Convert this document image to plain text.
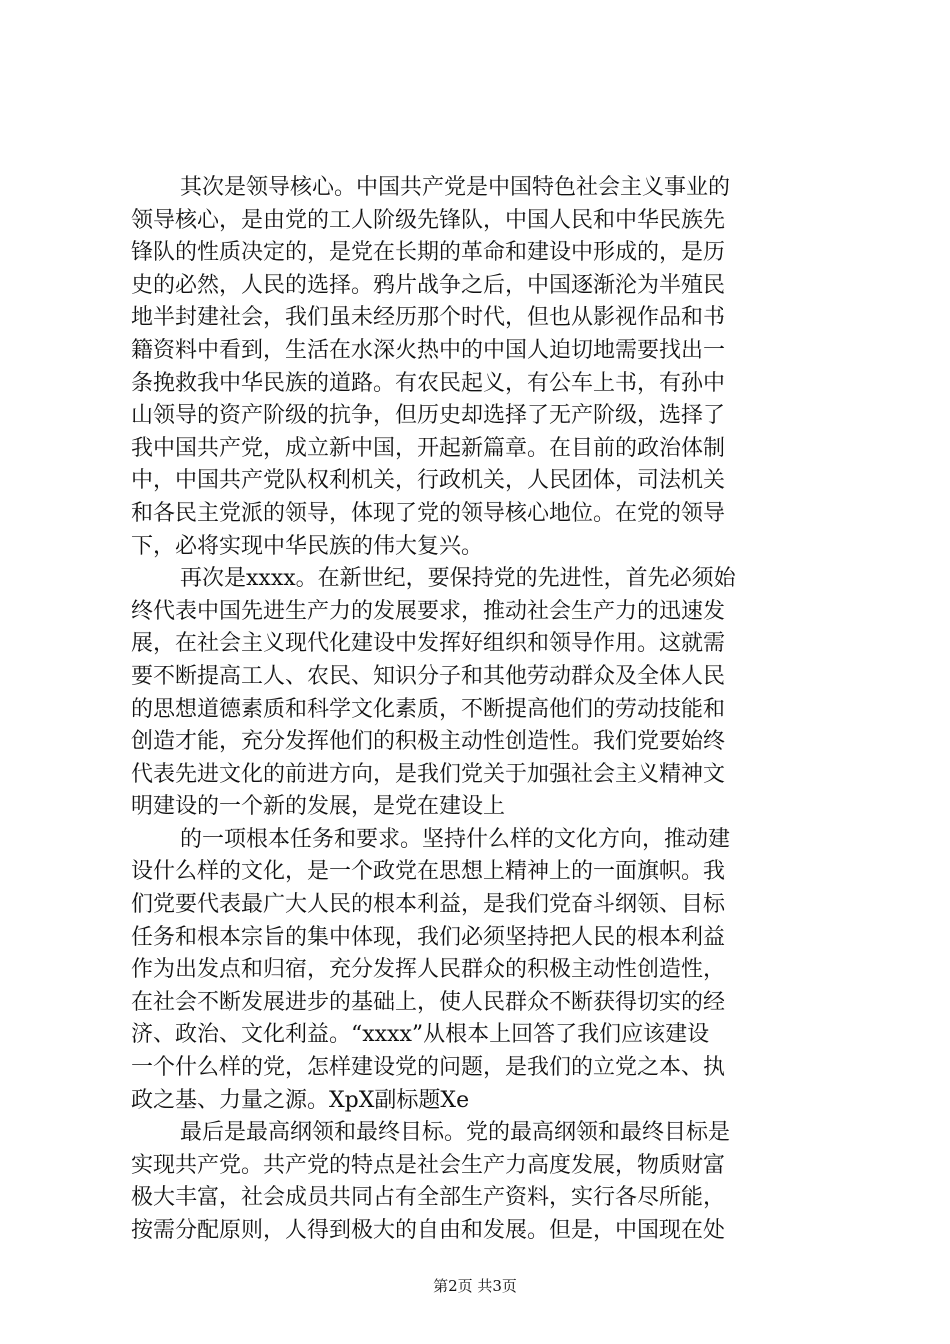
其次是领导核心。中国共产党是中国特色社会主义事业的
领导核心，是由党的工人阶级先锋队，中国人民和中华民族先
锋队的性质决定的，是党在长期的革命和建设中形成的，是历
史的必然，人民的选择。鸦片战争之后，中国逐渐沦为半殖民
地半封建社会，我们虽未经历那个时代，但也从影视作品和书
籍资料中看到，生活在水深火热中的中国人迫切地需要找出一
条挽救我中华民族的道路。有农民起义，有公车上书，有孙中
山领导的资产阶级的抗争，但历史却选择了无产阶级，选择了
我中国共产党，成立新中国，开起新篇章。在目前的政治体制
中，中国共产党队权利机关，行政机关，人民团体，司法机关
和各民主党派的领导，体现了党的领导核心地位。在党的领导
下，必将实现中华民族的伟大复兴。
再次是xxxx。在新世纪，要保持党的先进性，首先必须始
终代表中国先进生产力的发展要求，推动社会生产力的迅速发
展，在社会主义现代化建设中发挥好组织和领导作用。这就需
要不断提高工人、农民、知识分子和其他劳动群众及全体人民
的思想道德素质和科学文化素质，不断提高他们的劳动技能和
创造才能，充分发挥他们的积极主动性创造性。我们党要始终
代表先进文化的前进方向，是我们党关于加强社会主义精神文
明建设的一个新的发展，是党在建设上
的一项根本任务和要求。坚持什么样的文化方向，推动建
设什么样的文化，是一个政党在思想上精神上的一面旗帜。我
们党要代表最广大人民的根本利益，是我们党奋斗纲领、目标
任务和根本宗旨的集中体现，我们必须坚持把人民的根本利益
作为出发点和归宿，充分发挥人民群众的积极主动性创造性，
在社会不断发展进步的基础上，使人民群众不断获得切实的经
济、政治、文化利益。“xxxx”从根本上回答了我们应该建设
一个什么样的党，怎样建设党的问题，是我们的立党之本、执
政之基、力量之源。XpX副标题Xe
最后是最高纲领和最终目标。党的最高纲领和最终目标是
实现共产党。共产党的特点是社会生产力高度发展，物质财富
极大丰富，社会成员共同占有全部生产资料，实行各尽所能，
按需分配原则，人得到极大的自由和发展。但是，中国现在处
第2页 共3页
